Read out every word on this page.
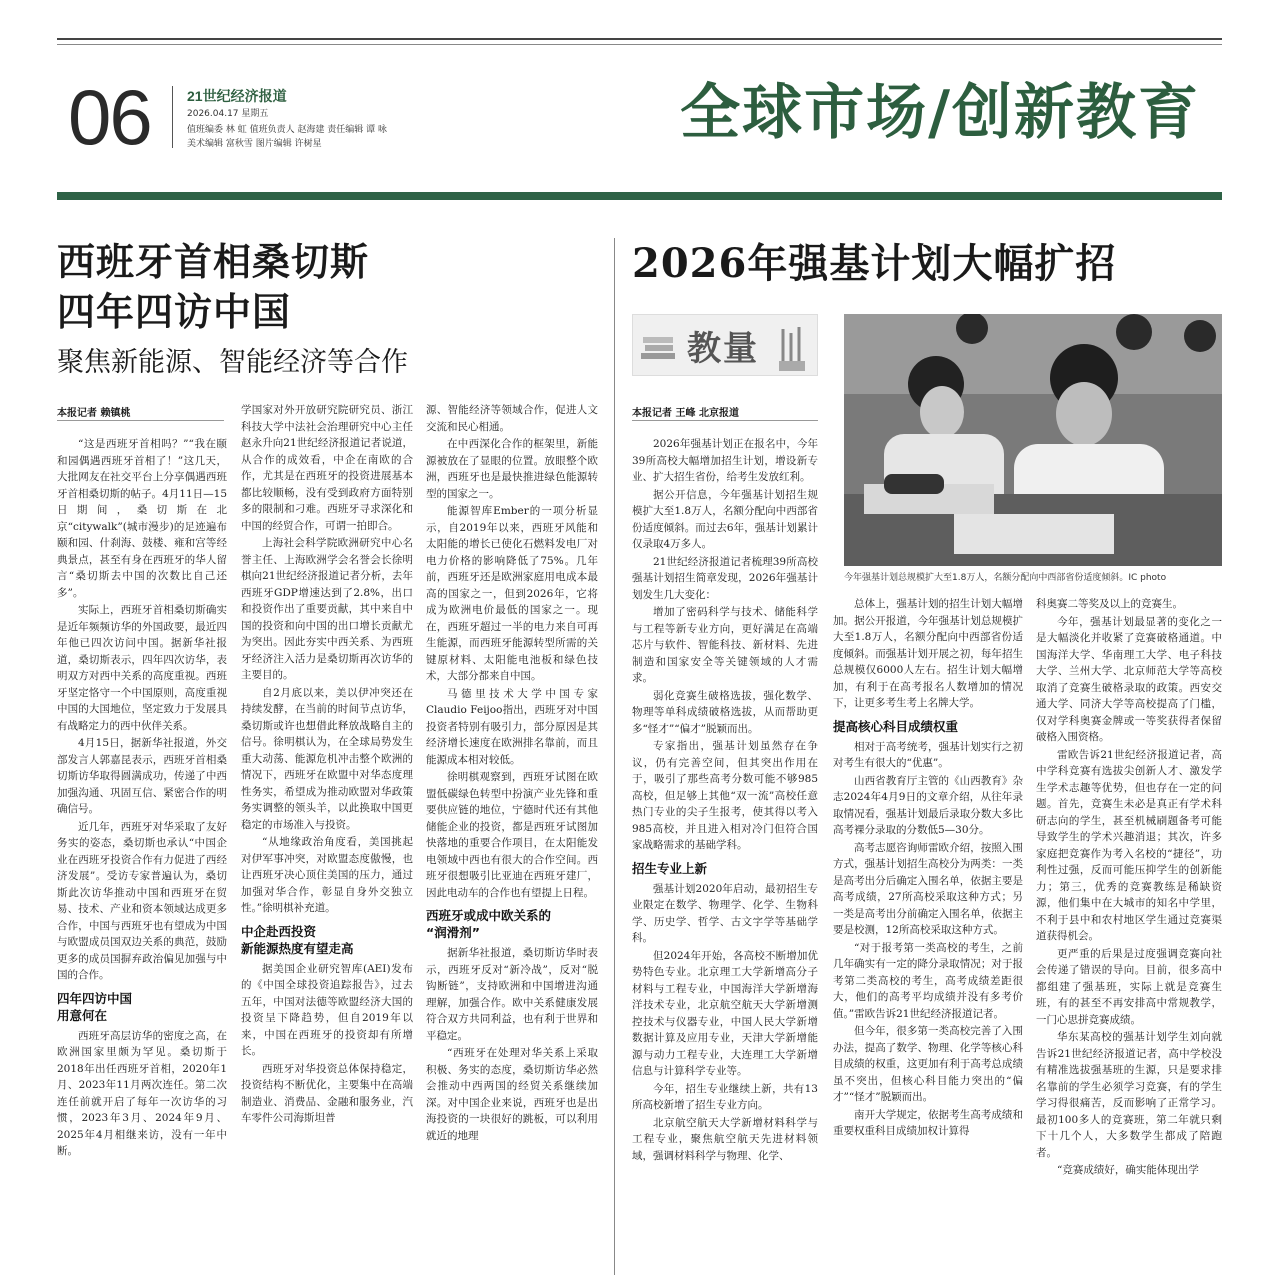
06	21世纪经济报道
2026.04.17 星期五
值班编委 林 虹 值班负责人 赵海建 责任编辑 谭 咏
美术编辑 富秋雪 图片编辑 许树星	全球市场/创新教育
西班牙首相桑切斯
四年四访中国
聚焦新能源、智能经济等合作
本报记者 赖镇桃

“这是西班牙首相吗？”“我在颐和园偶遇西班牙首相了！”这几天，大批网友在社交平台上分享偶遇西班牙首相桑切斯的帖子。4月11日—15日期间，桑切斯在北京“citywalk”(城市漫步)的足迹遍布颐和园、什刹海、鼓楼、雍和宫等经典景点，甚至有身在西班牙的华人留言“桑切斯去中国的次数比自己还多”。

实际上，西班牙首相桑切斯确实是近年频频访华的外国政要，最近四年他已四次访问中国。据新华社报道，桑切斯表示，四年四次访华，表明双方对西中关系的高度重视。西班牙坚定恪守一个中国原则，高度重视中国的大国地位，坚定致力于发展具有战略定力的西中伙伴关系。

4月15日，据新华社报道，外交部发言人郭嘉昆表示，西班牙首相桑切斯访华取得圆满成功，传递了中西加强沟通、巩固互信、紧密合作的明确信号。

近几年，西班牙对华采取了友好务实的姿态，桑切斯也承认“中国企业在西班牙投资合作有力促进了西经济发展”。受访专家普遍认为，桑切斯此次访华推动中国和西班牙在贸易、技术、产业和资本领域达成更多合作，中国与西班牙也有望成为中国与欧盟成员国双边关系的典范，鼓励更多的成员国摒弃政治偏见加强与中国的合作。

四年四访中国
用意何在

西班牙高层访华的密度之高，在欧洲国家里颇为罕见。桑切斯于2018年出任西班牙首相，2020年1月、2023年11月两次连任。第二次连任前就开启了每年一次访华的习惯，2023年3月、2024年9月、2025年4月相继来访，没有一年中断。

学国家对外开放研究院研究员、浙江科技大学中法社会治理研究中心主任赵永升向21世纪经济报道记者说道，从合作的成效看，中企在南欧的合作，尤其是在西班牙的投资进展基本都比较顺畅，没有受到政府方面特别多的限制和刁难。西班牙寻求深化和中国的经贸合作，可谓一拍即合。

上海社会科学院欧洲研究中心名誉主任、上海欧洲学会名誉会长徐明棋向21世纪经济报道记者分析，去年西班牙GDP增速达到了2.8%，出口和投资作出了重要贡献，其中来自中国的投资和向中国的出口增长贡献尤为突出。因此夯实中西关系、为西班牙经济注入活力是桑切斯再次访华的主要目的。

自2月底以来，美以伊冲突还在持续发酵，在当前的时间节点访华，桑切斯或许也想借此释放战略自主的信号。徐明棋认为，在全球局势发生重大动荡、能源危机冲击整个欧洲的情况下，西班牙在欧盟中对华态度理性务实，希望成为推动欧盟对华政策务实调整的领头羊，以此换取中国更稳定的市场准入与投资。

“从地缘政治角度看，美国挑起对伊军事冲突，对欧盟态度傲慢，也让西班牙决心顶住美国的压力，通过加强对华合作，彰显自身外交独立性。”徐明棋补充道。

中企赴西投资
新能源热度有望走高

据美国企业研究智库(AEI)发布的《中国全球投资追踪报告》，过去五年，中国对法德等欧盟经济大国的投资呈下降趋势，但自2019年以来，中国在西班牙的投资却有所增长。

西班牙对华投资总体保持稳定，投资结构不断优化，主要集中在高端制造业、消费品、金融和服务业，汽车零件公司海斯坦普

源、智能经济等领域合作，促进人文交流和民心相通。

在中西深化合作的框架里，新能源被放在了显眼的位置。放眼整个欧洲，西班牙也是最快推进绿色能源转型的国家之一。

能源智库Ember的一项分析显示，自2019年以来，西班牙风能和太阳能的增长已使化石燃料发电厂对电力价格的影响降低了75%。几年前，西班牙还是欧洲家庭用电成本最高的国家之一，但到2026年，它将成为欧洲电价最低的国家之一。现在，西班牙超过一半的电力来自可再生能源，而西班牙能源转型所需的关键原材料、太阳能电池板和绿色技术，大部分都来自中国。

马德里技术大学中国专家Claudio Feijoo指出，西班牙对中国投资者特别有吸引力，部分原因是其经济增长速度在欧洲排名靠前，而且能源成本相对较低。

徐明棋观察到，西班牙试图在欧盟低碳绿色转型中扮演产业先锋和重要供应链的地位，宁德时代还有其他储能企业的投资，都是西班牙试图加快落地的重要合作项目，在太阳能发电领域中西也有很大的合作空间。西班牙很想吸引比亚迪在西班牙建厂，因此电动车的合作也有望提上日程。

西班牙或成中欧关系的
“润滑剂”

据新华社报道，桑切斯访华时表示，西班牙反对“新冷战”，反对“脱钩断链”，支持欧洲和中国增进沟通理解，加强合作。欧中关系健康发展符合双方共同利益，也有利于世界和平稳定。

“西班牙在处理对华关系上采取积极、务实的态度，桑切斯访华必然会推动中西两国的经贸关系继续加深。对中国企业来说，西班牙也是出海投资的一块很好的跳板，可以利用就近的地理

2026年强基计划大幅扩招
教量
本报记者 王峰 北京报道
今年强基计划总规模扩大至1.8万人，名额分配向中西部省份适度倾斜。IC photo

2026年强基计划正在报名中，今年39所高校大幅增加招生计划，增设新专业、扩大招生省份，给考生发放红利。

据公开信息，今年强基计划招生规模扩大至1.8万人，名额分配向中西部省份适度倾斜。而过去6年，强基计划累计仅录取4万多人。

21世纪经济报道记者梳理39所高校强基计划招生简章发现，2026年强基计划发生几大变化：

增加了密码科学与技术、储能科学与工程等新专业方向，更好满足在高端芯片与软件、智能科技、新材料、先进制造和国家安全等关键领域的人才需求。

弱化竞赛生破格选拔，强化数学、物理等单科成绩破格选拔，从而帮助更多“怪才”“偏才”脱颖而出。

专家指出，强基计划虽然存在争议，仍有完善空间，但其突出作用在于，吸引了那些高考分数可能不够985高校，但足够上其他“双一流”高校任意热门专业的尖子生报考，使其得以考入985高校，并且进入相对冷门但符合国家战略需求的基础学科。

招生专业上新

强基计划2020年启动，最初招生专业限定在数学、物理学、化学、生物科学、历史学、哲学、古文字学等基础学科。

但2024年开始，各高校不断增加优势特色专业。北京理工大学新增高分子材料与工程专业，中国海洋大学新增海洋技术专业，北京航空航天大学新增测控技术与仪器专业，中国人民大学新增数据计算及应用专业，天津大学新增能源与动力工程专业，大连理工大学新增信息与计算科学专业等。

今年，招生专业继续上新，共有13所高校新增了招生专业方向。

北京航空航天大学新增材料科学与工程专业，聚焦航空航天先进材料领域，强调材料科学与物理、化学、

总体上，强基计划的招生计划大幅增加。据公开报道，今年强基计划总规模扩大至1.8万人，名额分配向中西部省份适度倾斜。而强基计划开展之初，每年招生总规模仅6000人左右。招生计划大幅增加，有利于在高考报名人数增加的情况下，让更多考生考上名牌大学。

提高核心科目成绩权重

相对于高考统考，强基计划实行之初对考生有很大的“优惠”。

山西省教育厅主管的《山西教育》杂志2024年4月9日的文章介绍，从往年录取情况看，强基计划最后录取分数大多比高考裸分录取的分数低5—30分。

高考志愿咨询师雷欧介绍，按照入围方式，强基计划招生高校分为两类：一类是高考出分后确定入围名单，依据主要是高考成绩，27所高校采取这种方式；另一类是高考出分前确定入围名单，依据主要是校测，12所高校采取这种方式。

“对于报考第一类高校的考生，之前几年确实有一定的降分录取情况；对于报考第二类高校的考生，高考成绩差距很大，他们的高考平均成绩并没有多考价值。”雷欧告诉21世纪经济报道记者。

但今年，很多第一类高校完善了入围办法，提高了数学、物理、化学等核心科目成绩的权重，这更加有利于高考总成绩虽不突出，但核心科目能力突出的“偏才”“怪才”脱颖而出。

南开大学规定，依据考生高考成绩和重要权重科目成绩加权计算得

科奥赛二等奖及以上的竞赛生。

今年，强基计划最显著的变化之一是大幅淡化并收紧了竞赛破格通道。中国海洋大学、华南理工大学、电子科技大学、兰州大学、北京师范大学等高校取消了竞赛生破格录取的政策。西安交通大学、同济大学等高校提高了门槛，仅对学科奥赛金牌或一等奖获得者保留破格入围资格。

雷欧告诉21世纪经济报道记者，高中学科竞赛有选拔尖创新人才、激发学生学术志趣等优势，但也存在一定的问题。首先，竞赛生未必是真正有学术科研志向的学生，甚至机械刷题备考可能导致学生的学术兴趣消退；其次，许多家庭把竞赛作为考入名校的“捷径”，功利性过强，反而可能压抑学生的创新能力；第三，优秀的竞赛教练是稀缺资源，他们集中在大城市的知名中学里，不利于县中和农村地区学生通过竞赛渠道获得机会。

更严重的后果是过度强调竞赛向社会传递了错误的导向。目前，很多高中都组建了强基班，实际上就是竞赛生班，有的甚至不再安排高中常规教学，一门心思拼竞赛成绩。

华东某高校的强基计划学生刘向就告诉21世纪经济报道记者，高中学校没有精准选拔强基班的生源，只是要求排名靠前的学生必须学习竞赛，有的学生学习得很痛苦，反而影响了正常学习。最初100多人的竞赛班，第二年就只剩下十几个人，大多数学生都成了陪跑者。

“竞赛成绩好，确实能体现出学
